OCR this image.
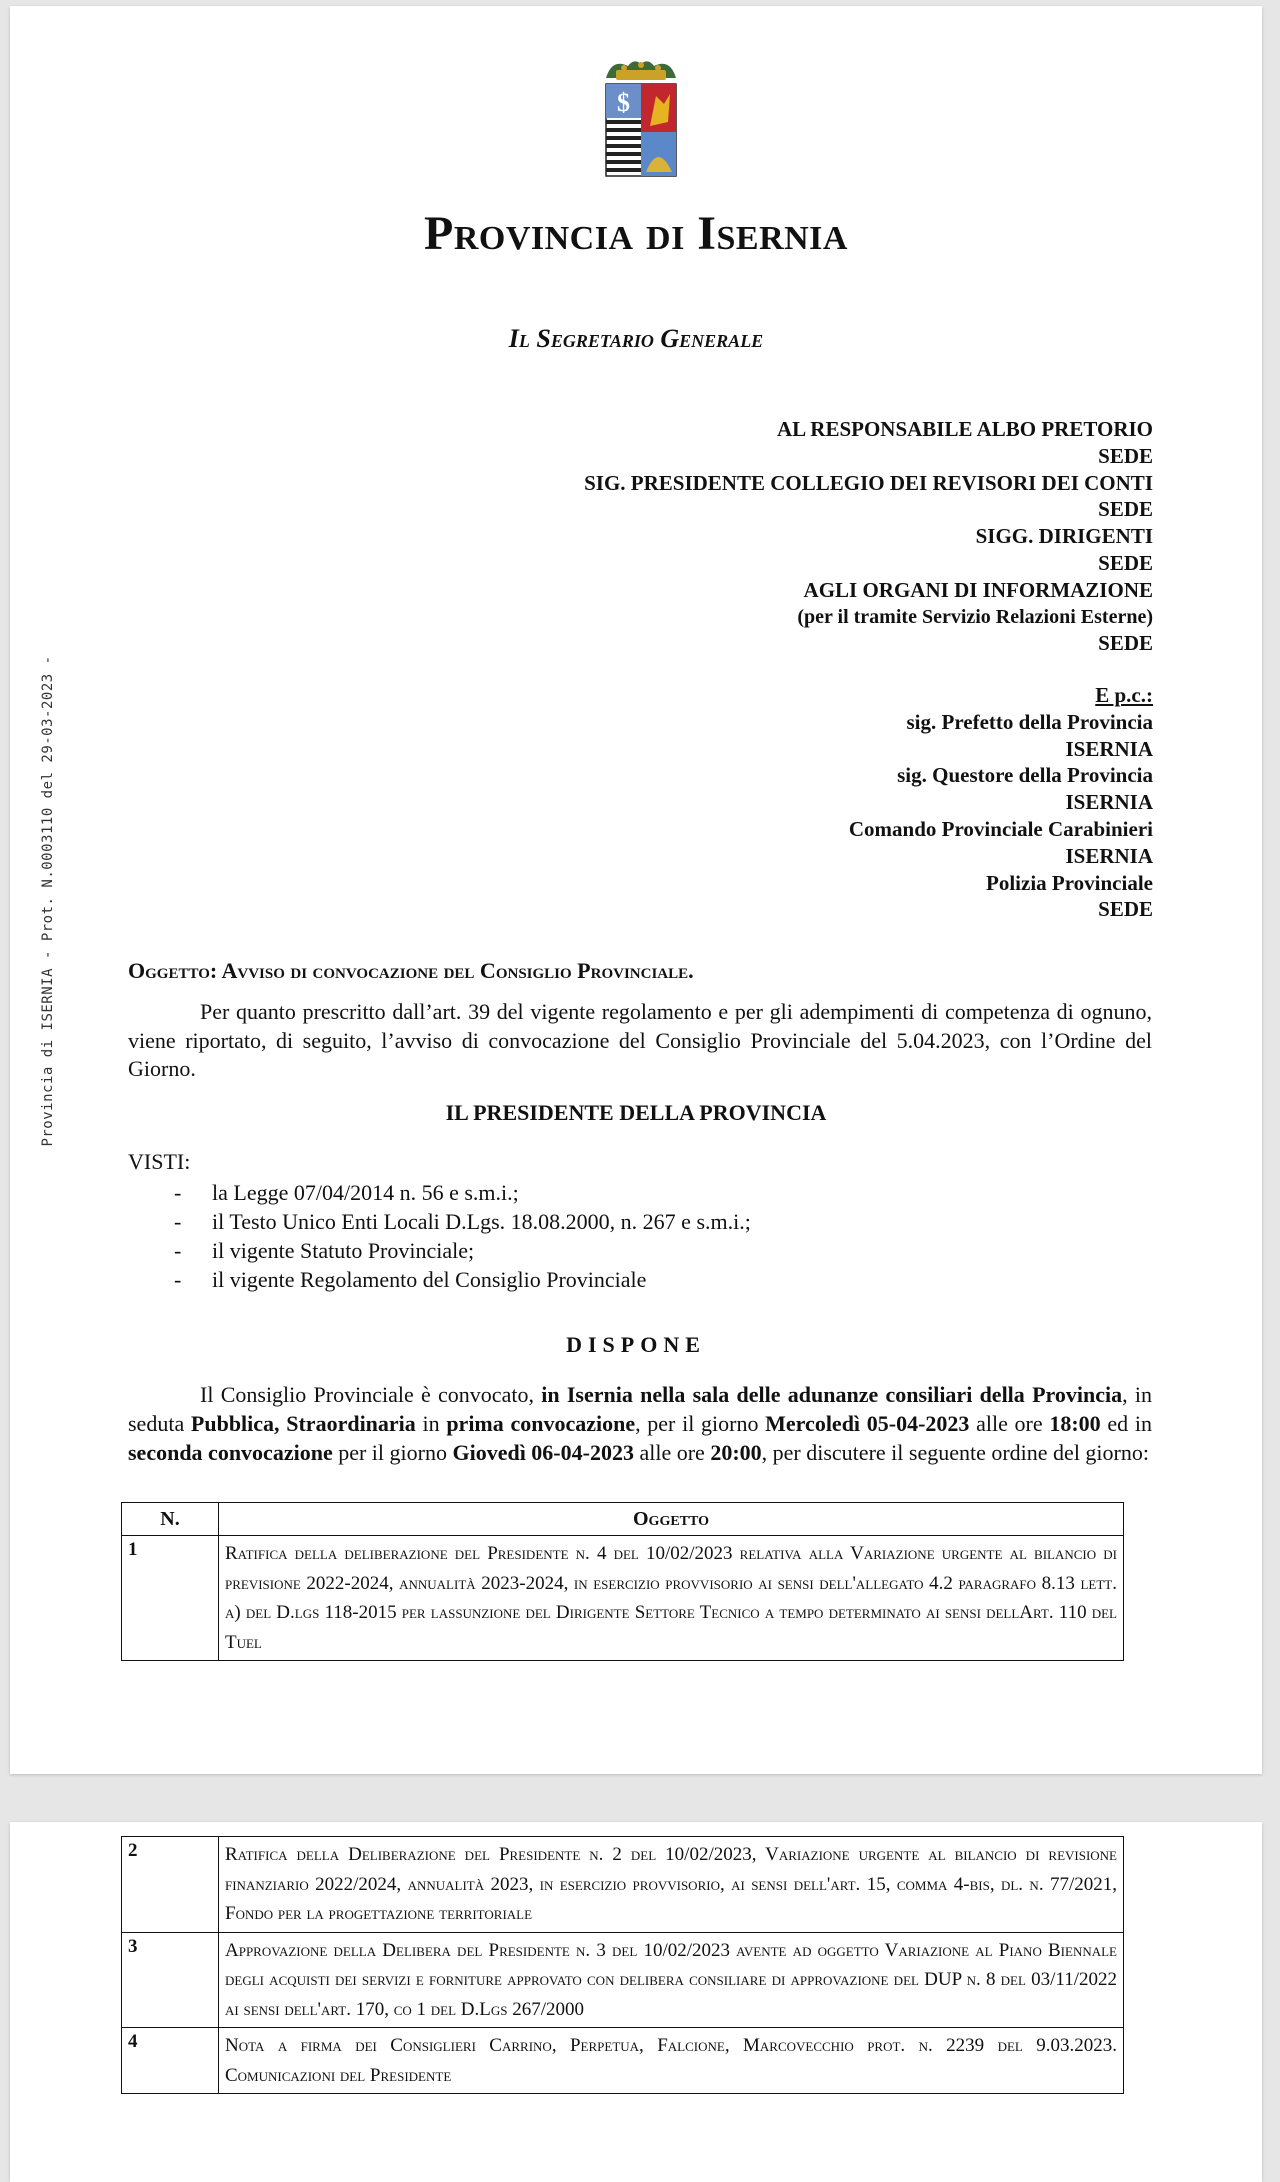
Provincia di ISERNIA - Prot. N.0003110 del 29-03-2023 -
$
Provincia di Isernia
Il Segretario Generale
AL RESPONSABILE ALBO PRETORIO
SEDE
SIG. PRESIDENTE COLLEGIO DEI REVISORI DEI CONTI
SEDE
SIGG. DIRIGENTI
SEDE
AGLI ORGANI DI INFORMAZIONE
(per il tramite Servizio Relazioni Esterne)
SEDE
E p.c.:
sig. Prefetto della Provincia
ISERNIA
sig. Questore della Provincia
ISERNIA
Comando Provinciale Carabinieri
ISERNIA
Polizia Provinciale
SEDE
Oggetto: Avviso di convocazione del Consiglio Provinciale.
Per quanto prescritto dall’art. 39 del vigente regolamento e per gli adempimenti di competenza di ognuno, viene riportato, di seguito, l’avviso di convocazione del Consiglio Provinciale del 5.04.2023, con l’Ordine del Giorno.
IL PRESIDENTE DELLA PROVINCIA
VISTI:
- la Legge 07/04/2014 n. 56 e s.m.i.;
- il Testo Unico Enti Locali D.Lgs. 18.08.2000, n. 267 e s.m.i.;
- il vigente Statuto Provinciale;
- il vigente Regolamento del Consiglio Provinciale
DISPONE
Il Consiglio Provinciale è convocato, in Isernia nella sala delle adunanze consiliari della Provincia, in seduta Pubblica, Straordinaria in prima convocazione, per il giorno Mercoledì 05-04-2023 alle ore 18:00 ed in seconda convocazione per il giorno Giovedì 06-04-2023 alle ore 20:00, per discutere il seguente ordine del giorno:
N.	Oggetto
1	Ratifica della deliberazione del Presidente n. 4 del 10/02/2023 relativa alla Variazione urgente al bilancio di previsione 2022-2024, annualità 2023-2024, in esercizio provvisorio ai sensi dell'allegato 4.2 paragrafo 8.13 lett. a) del D.lgs 118-2015 per lassunzione del Dirigente Settore Tecnico a tempo determinato ai sensi dellArt. 110 del Tuel
2	Ratifica della Deliberazione del Presidente n. 2 del 10/02/2023, Variazione urgente al bilancio di revisione finanziario 2022/2024, annualità 2023, in esercizio provvisorio, ai sensi dell'art. 15, comma 4-bis, dl. n. 77/2021, Fondo per la progettazione territoriale
3	Approvazione della Delibera del Presidente n. 3 del 10/02/2023 avente ad oggetto Variazione al Piano Biennale degli acquisti dei servizi e forniture approvato con delibera consiliare di approvazione del DUP n. 8 del 03/11/2022 ai sensi dell'art. 170, co 1 del D.Lgs 267/2000
4	Nota a firma dei Consiglieri Carrino, Perpetua, Falcione, Marcovecchio prot. n. 2239 del 9.03.2023. Comunicazioni del Presidente
